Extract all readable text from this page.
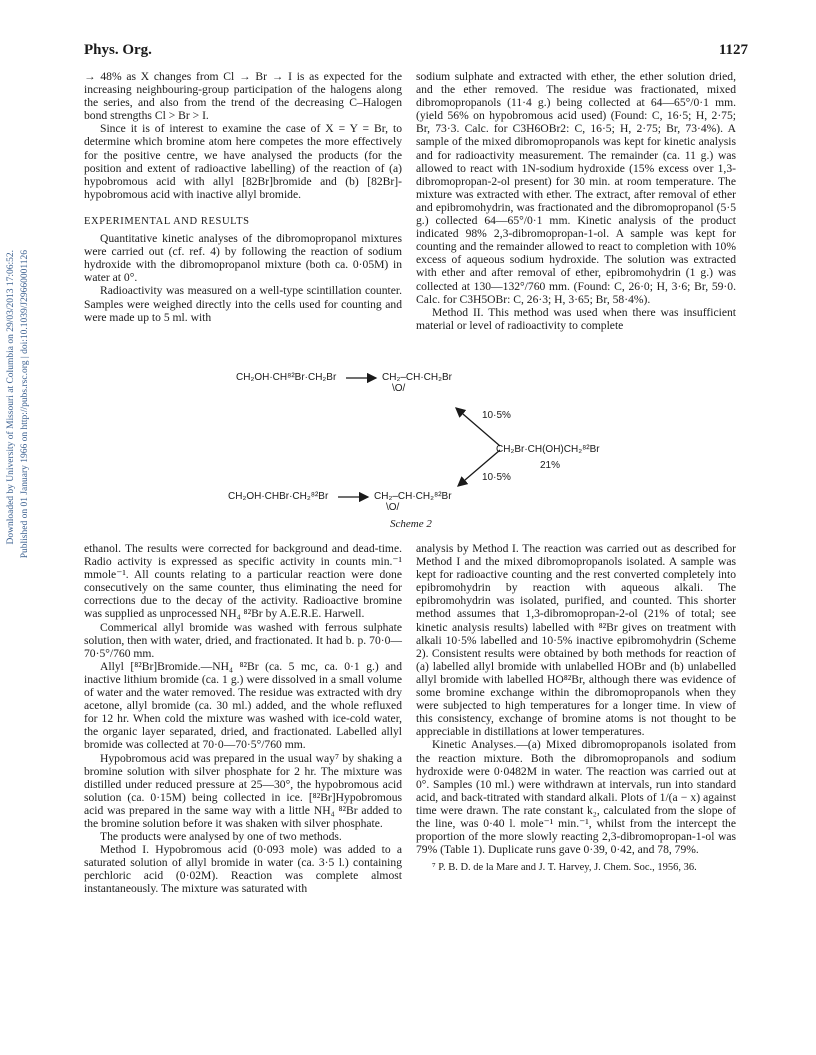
Phys. Org.	1127
Downloaded by University of Missouri at Columbia on 29/03/2013 17:06:52. Published on 01 January 1966 on http://pubs.rsc.org | doi:10.1039/J29660001126

→ 48% as X changes from Cl → Br → I is as expected for the increasing neighbouring-group participation of the halogens along the series, and also from the trend of the decreasing C–Halogen bond strengths Cl > Br > I.

Since it is of interest to examine the case of X = Y = Br, to determine which bromine atom here competes the more effectively for the positive centre, we have analysed the products (for the position and extent of radioactive labelling) of the reaction of (a) hypobromous acid with allyl [82Br]bromide and (b) [82Br]-hypobromous acid with inactive allyl bromide.

EXPERIMENTAL AND RESULTS

Quantitative kinetic analyses of the dibromopropanol mixtures were carried out (cf. ref. 4) by following the reaction of sodium hydroxide with the dibromopropanol mixture (both ca. 0·05M) in water at 0°.

Radioactivity was measured on a well-type scintillation counter. Samples were weighed directly into the cells used for counting and were made up to 5 ml. with

sodium sulphate and extracted with ether, the ether solution dried, and the ether removed. The residue was fractionated, mixed dibromopropanols (11·4 g.) being collected at 64—65°/0·1 mm. (yield 56% on hypobromous acid used) (Found: C, 16·5; H, 2·75; Br, 73·3. Calc. for C3H6OBr2: C, 16·5; H, 2·75; Br, 73·4%). A sample of the mixed dibromopropanols was kept for kinetic analysis and for radioactivity measurement. The remainder (ca. 11 g.) was allowed to react with 1N-sodium hydroxide (15% excess over 1,3-dibromopropan-2-ol present) for 30 min. at room temperature. The mixture was extracted with ether. The extract, after removal of ether and epibromohydrin, was fractionated and the dibromopropanol (5·5 g.) collected 64—65°/0·1 mm. Kinetic analysis of the product indicated 98% 2,3-dibromopropan-1-ol. A sample was kept for counting and the remainder allowed to react to completion with 10% excess of aqueous sodium hydroxide. The solution was extracted with ether and after removal of ether, epibromohydrin (1 g.) was collected at 130—132°/760 mm. (Found: C, 26·0; H, 3·6; Br, 59·0. Calc. for C3H5OBr: C, 26·3; H, 3·65; Br, 58·4%).

Method II. This method was used when there was insufficient material or level of radioactivity to complete

CH₂OH·CH⁸²Br·CH₂Br	CH₂–CH·CH₂Br
\O/
10·5%
CH₂Br·CH(OH)CH₂⁸²Br
21%
10·5%
CH₂OH·CHBr·CH₂⁸²Br	CH₂–CH·CH₂⁸²Br
\O/
Scheme 2

ethanol. The results were corrected for background and dead-time. Radio activity is expressed as specific activity in counts min.⁻¹ mmole⁻¹. All counts relating to a particular reaction were done consecutively on the same counter, thus eliminating the need for corrections due to the decay of the activity. Radioactive bromine was supplied as unprocessed NH₄ ⁸²Br by A.E.R.E. Harwell.

Commerical allyl bromide was washed with ferrous sulphate solution, then with water, dried, and fractionated. It had b. p. 70·0—70·5°/760 mm.

Allyl [⁸²Br]Bromide.—NH₄ ⁸²Br (ca. 5 mc, ca. 0·1 g.) and inactive lithium bromide (ca. 1 g.) were dissolved in a small volume of water and the water removed. The residue was extracted with dry acetone, allyl bromide (ca. 30 ml.) added, and the whole refluxed for 12 hr. When cold the mixture was washed with ice-cold water, the organic layer separated, dried, and fractionated. Labelled allyl bromide was collected at 70·0—70·5°/760 mm.

Hypobromous acid was prepared in the usual way⁷ by shaking a bromine solution with silver phosphate for 2 hr. The mixture was distilled under reduced pressure at 25—30°, the hypobromous acid solution (ca. 0·15M) being collected in ice. [⁸²Br]Hypobromous acid was prepared in the same way with a little NH₄ ⁸²Br added to the bromine solution before it was shaken with silver phosphate.

The products were analysed by one of two methods.

Method I. Hypobromous acid (0·093 mole) was added to a saturated solution of allyl bromide in water (ca. 3·5 l.) containing perchloric acid (0·02M). Reaction was complete almost instantaneously. The mixture was saturated with

analysis by Method I. The reaction was carried out as described for Method I and the mixed dibromopropanols isolated. A sample was kept for radioactive counting and the rest converted completely into epibromohydrin by reaction with aqueous alkali. The epibromohydrin was isolated, purified, and counted. This shorter method assumes that 1,3-dibromopropan-2-ol (21% of total; see kinetic analysis results) labelled with ⁸²Br gives on treatment with alkali 10·5% labelled and 10·5% inactive epibromohydrin (Scheme 2). Consistent results were obtained by both methods for reaction of (a) labelled allyl bromide with unlabelled HOBr and (b) unlabelled allyl bromide with labelled HO⁸²Br, although there was evidence of some bromine exchange within the dibromopropanols when they were subjected to high temperatures for a longer time. In view of this consistency, exchange of bromine atoms is not thought to be appreciable in distillations at lower temperatures.

Kinetic Analyses.—(a) Mixed dibromopropanols isolated from the reaction mixture. Both the dibromopropanols and sodium hydroxide were 0·0482M in water. The reaction was carried out at 0°. Samples (10 ml.) were withdrawn at intervals, run into standard acid, and back-titrated with standard alkali. Plots of 1/(a − x) against time were drawn. The rate constant k₂, calculated from the slope of the line, was 0·40 l. mole⁻¹ min.⁻¹, whilst from the intercept the proportion of the more slowly reacting 2,3-dibromopropan-1-ol was 79% (Table 1). Duplicate runs gave 0·39, 0·42, and 78, 79%.

⁷ P. B. D. de la Mare and J. T. Harvey, J. Chem. Soc., 1956, 36.
